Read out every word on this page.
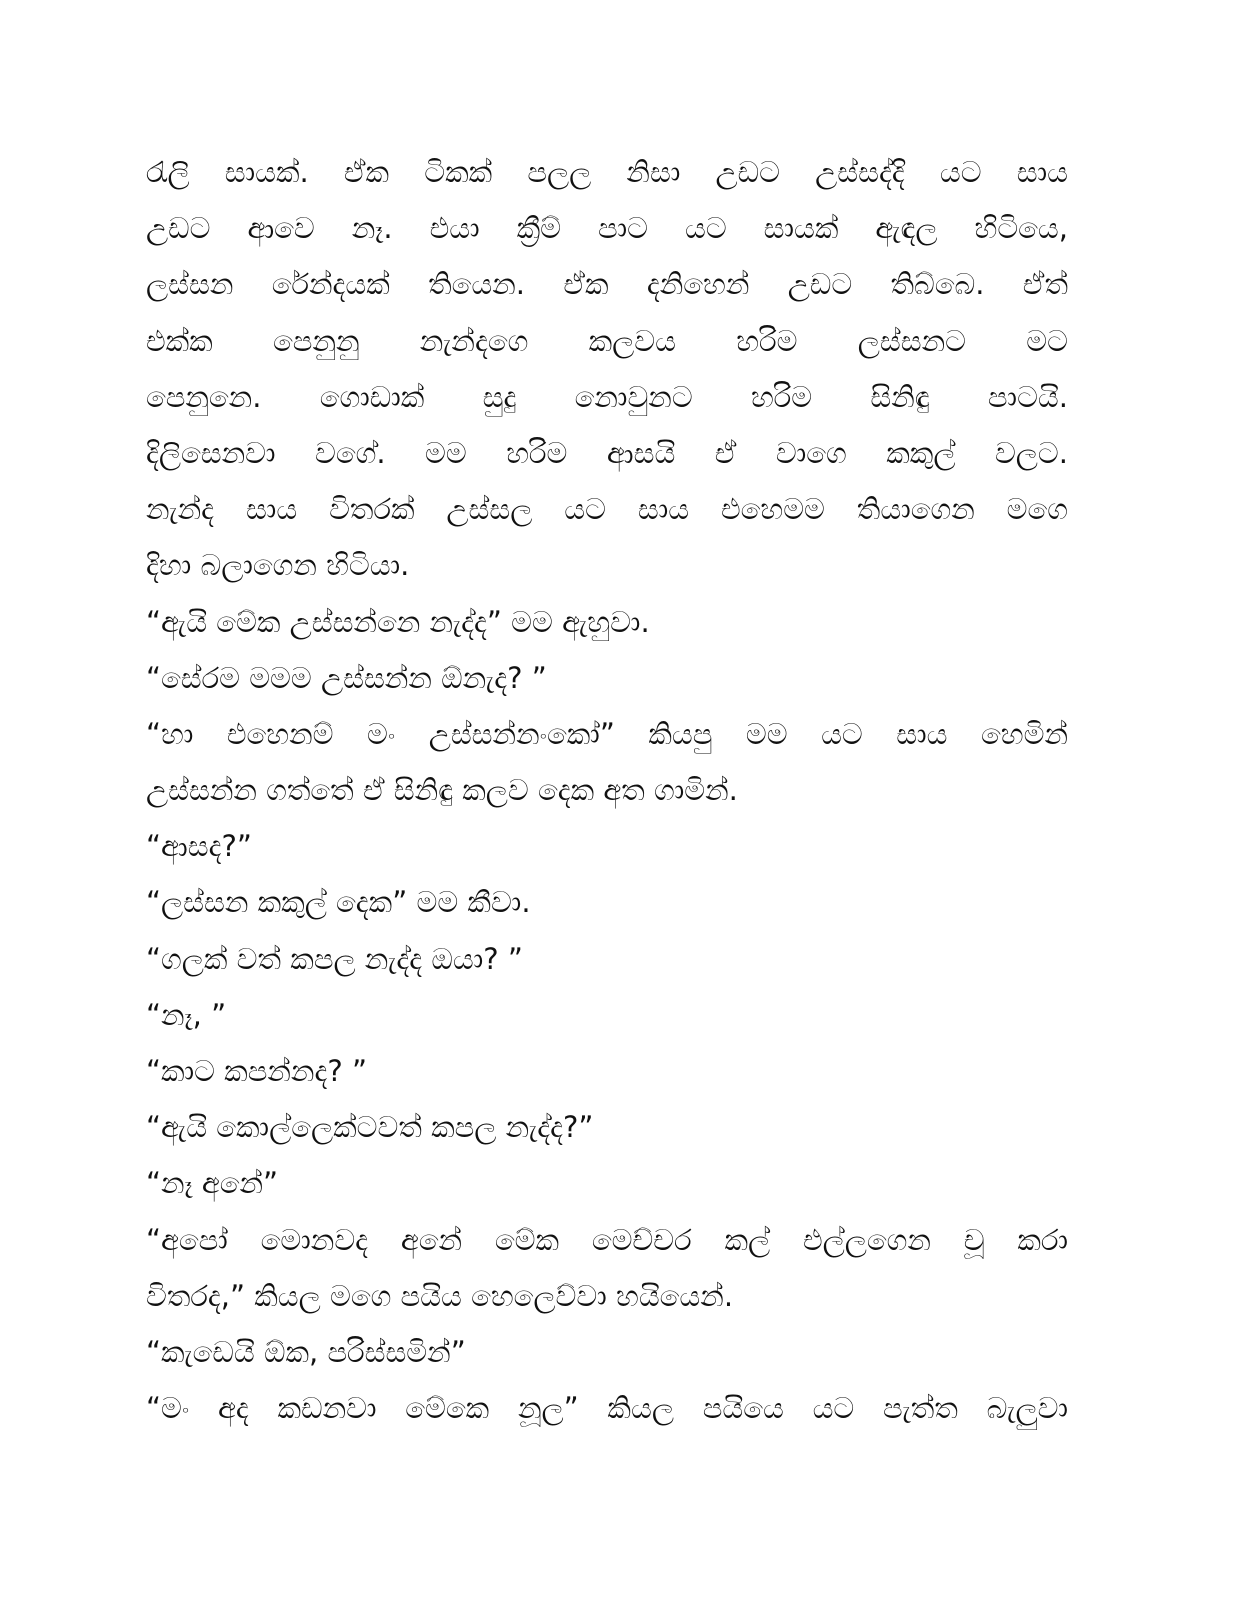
රැලි සායක්. ඒක ටිකක් පලල නිසා උඩට උස්සද්දි යට සාය
උඩට ආවෙ නෑ. එයා ක්‍රීම් පාට යට සායක් ඇඳල හිටියෙ,
ලස්සන රේන්දයක් තියෙන. ඒක දනිහෙන් උඩට තිබ්බෙ. ඒත්
එක්ක පෙනුනු නැන්දගෙ කලවය හරිම ලස්සනට මට
පෙනුනෙ. ගොඩාක් සුදු නොවුනට හරිම සිනිඳු පාටයි.
දිලිසෙනවා වගේ. මම හරිම ආසයි ඒ වාගෙ කකුල් වලට.
නැන්ද සාය විතරක් උස්සල යට සාය එහෙමම තියාගෙන මගෙ
දිහා බලාගෙන හිටියා.
“ඇයි මේක උස්සන්නෙ නැද්ද” මම ඇහුවා.
“සේරම මමම උස්සන්න ඕනැද? ”
“හා එහෙනම් මං උස්සන්නංකෝ” කියපු මම යට සාය හෙමින්
උස්සන්න ගත්තේ ඒ සිනිඳු කලව දෙක අත ගාමින්.
“ආසද?”
“ලස්සන කකුල් දෙක” මම කීවා.
“ගලක් වත් කපල නැද්ද ඔයා? ”
“නෑ, ”
“කාට කපන්නද? ”
“ඇයි කොල්ලෙක්ටවත් කපල නැද්ද?”
“නෑ අනේ”
“අපෝ මොනවද අනේ මේක මෙච්චර කල් එල්ලගෙන චූ කරා
විතරද,” කියල මගෙ පයිය හෙලෙව්වා හයියෙන්.
“කැඩෙයි ඕක, පරිස්සමින්”
“මං අද කඩනවා මේකෙ නූල” කියල පයියෙ යට පැත්ත බැලුවා
